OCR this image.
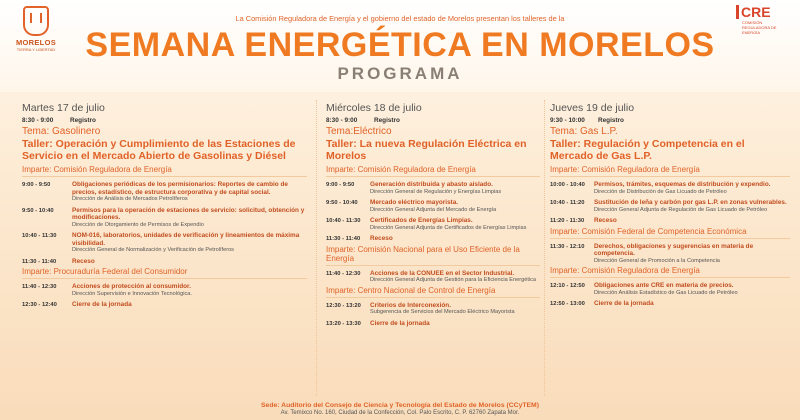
MORELOS
TIERRA Y LIBERTAD
CRE
COMISIÓN REGULADORA DE ENERGÍA
La Comisión Reguladora de Energía y el gobierno del estado de Morelos presentan los talleres de la
SEMANA ENERGÉTICA EN MORELOS
PROGRAMA
Martes 17 de julio
8:30 - 9:00	Registro
Tema: Gasolinero
Taller: Operación y Cumplimiento de las Estaciones de Servicio en el Mercado Abierto de Gasolinas y Diésel
Imparte: Comisión Reguladora de Energía
9:00 - 9:50	Obligaciones periódicas de los permisionarios: Reportes de cambio de precios, estadístico, de estructura corporativa y de capital social.
Dirección de Análisis de Mercados Petrolíferos
9:50 - 10:40	Permisos para la operación de estaciones de servicio: solicitud, obtención y modificaciones.
Dirección de Otorgamiento de Permisos de Expendio
10:40 - 11:30	NOM-016, laboratorios, unidades de verificación y lineamientos de máxima visibilidad.
Dirección General de Normalización y Verificación de Petrolíferos
11:30 - 11:40	Receso
Imparte: Procuraduría Federal del Consumidor
11:40 - 12:30	Acciones de protección al consumidor.
Dirección Supervisión e Innovación Tecnológica.
12:30 - 12:40	Cierre de la jornada
Miércoles 18 de julio
8:30 - 9:00	Registro
Tema:Eléctrico
Taller: La nueva Regulación Eléctrica en Morelos
Imparte: Comisión Reguladora de Energía
9:00 - 9:50	Generación distribuida y abasto aislado.
Dirección General de Regulación y Energías Limpias
9:50 - 10:40	Mercado eléctrico mayorista.
Dirección General Adjunta del Mercado de Energía
10:40 - 11:30	Certificados de Energías Limpias.
Dirección General Adjunta de Certificados de Energías Limpias
11:30 - 11:40	Receso
Imparte: Comisión Nacional para el Uso Eficiente de la Energía
11:40 - 12:30	Acciones de la CONUEE en el Sector Industrial.
Dirección General Adjunta de Gestión para la Eficiencia Energética
Imparte: Centro Nacional de Control de Energía
12:30 - 13:20	Criterios de Interconexión.
Subgerencia de Servicios del Mercado Eléctrico Mayorista
13:20 - 13:30	Cierre de la jornada
Jueves 19 de julio
9:30 - 10:00 Registro
Tema: Gas L.P.
Taller: Regulación y Competencia en el Mercado de Gas L.P.
Imparte: Comisión Reguladora de Energía
10:00 - 10:40	Permisos, trámites, esquemas de distribución y expendio.
Dirección de Distribución de Gas Licuado de Petróleo
10:40 - 11:20	Sustitución de leña y carbón por gas L.P. en zonas vulnerables.
Dirección General Adjunta de Regulación de Gas Licuado de Petróleo
11:20 - 11:30	Receso
Imparte: Comisión Federal de Competencia Económica
11:30 - 12:10	Derechos, obligaciones y sugerencias en materia de competencia.
Dirección General de Promoción a la Competencia
Imparte: Comisión Reguladora de Energía
12:10 - 12:50	Obligaciones ante CRE en materia de precios.
Dirección Análisis Estadístico de Gas Licuado de Petróleo
12:50 - 13:00	Cierre de la jornada
Sede: Auditorio del Consejo de Ciencia y Tecnología del Estado de Morelos (CCyTEM)
Av. Temixco No. 160, Ciudad de la Confección, Col. Palo Escrito, C. P. 62760 Zapata Mor.
